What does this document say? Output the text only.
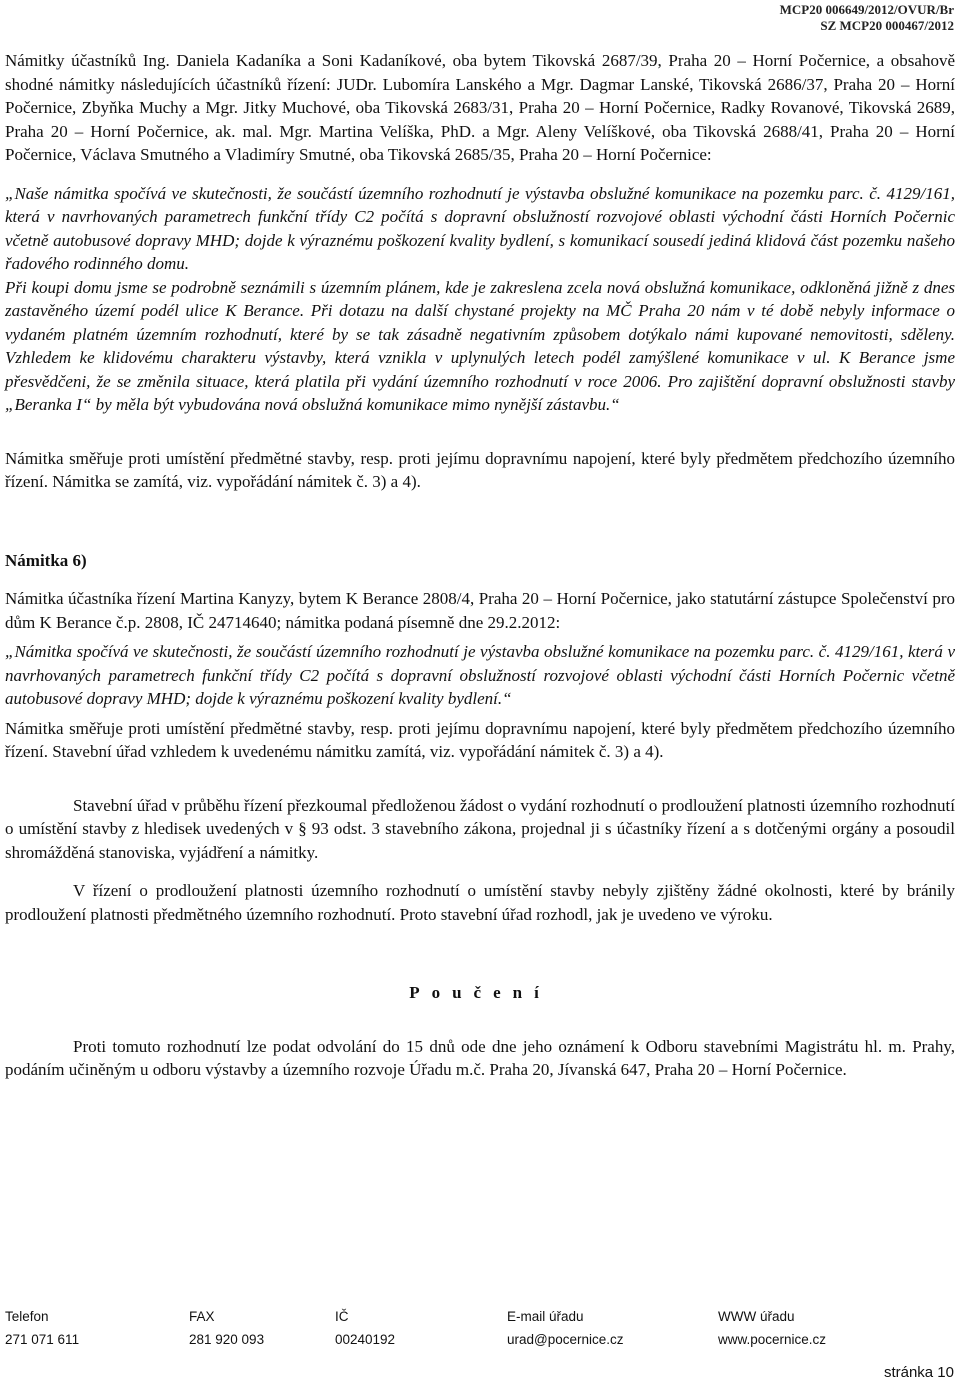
MCP20 006649/2012/OVUR/Br
SZ MCP20 000467/2012

Námitky účastníků Ing. Daniela Kadaníka a Soni Kadaníkové, oba bytem Tikovská 2687/39, Praha 20 – Horní Počernice, a obsahově shodné námitky následujících účastníků řízení: JUDr. Lubomíra Lanského a Mgr. Dagmar Lanské, Tikovská 2686/37, Praha 20 – Horní Počernice, Zbyňka Muchy a Mgr. Jitky Muchové, oba Tikovská 2683/31, Praha 20 – Horní Počernice, Radky Rovanové, Tikovská 2689, Praha 20 – Horní Počernice, ak. mal. Mgr. Martina Velíška, PhD. a Mgr. Aleny Velíškové, oba Tikovská 2688/41, Praha 20 – Horní Počernice, Václava Smutného a Vladimíry Smutné, oba Tikovská 2685/35, Praha 20 – Horní Počernice:

„Naše námitka spočívá ve skutečnosti, že součástí územního rozhodnutí je výstavba obslužné komunikace na pozemku parc. č. 4129/161, která v navrhovaných parametrech funkční třídy C2 počítá s dopravní obslužností rozvojové oblasti východní části Horních Počernic včetně autobusové dopravy MHD; dojde k výraznému poškození kvality bydlení, s komunikací sousedí jediná klidová část pozemku našeho řadového rodinného domu.

Při koupi domu jsme se podrobně seznámili s územním plánem, kde je zakreslena zcela nová obslužná komunikace, odkloněná jižně z dnes zastavěného území podél ulice K Berance. Při dotazu na další chystané projekty na MČ Praha 20 nám v té době nebyly informace o vydaném platném územním rozhodnutí, které by se tak zásadně negativním způsobem dotýkalo námi kupované nemovitosti, sděleny. Vzhledem ke klidovému charakteru výstavby, která vznikla v uplynulých letech podél zamýšlené komunikace v ul. K Berance jsme přesvědčeni, že se změnila situace, která platila při vydání územního rozhodnutí v roce 2006. Pro zajištění dopravní obslužnosti stavby „Beranka I“ by měla být vybudována nová obslužná komunikace mimo nynější zástavbu.“

Námitka směřuje proti umístění předmětné stavby, resp. proti jejímu dopravnímu napojení, které byly předmětem předchozího územního řízení. Námitka se zamítá, viz. vypořádání námitek č. 3) a 4).

Námitka 6)

Námitka účastníka řízení Martina Kanyzy, bytem K Berance 2808/4, Praha 20 – Horní Počernice, jako statutární zástupce Společenství pro dům K Berance č.p. 2808, IČ 24714640; námitka podaná písemně dne 29.2.2012:

„Námitka spočívá ve skutečnosti, že součástí územního rozhodnutí je výstavba obslužné komunikace na pozemku parc. č. 4129/161, která v navrhovaných parametrech funkční třídy C2 počítá s dopravní obslužností rozvojové oblasti východní části Horních Počernic včetně autobusové dopravy MHD; dojde k výraznému poškození kvality bydlení.“

Námitka směřuje proti umístění předmětné stavby, resp. proti jejímu dopravnímu napojení, které byly předmětem předchozího územního řízení. Stavební úřad vzhledem k uvedenému námitku zamítá, viz. vypořádání námitek č. 3) a 4).

Stavební úřad v průběhu řízení přezkoumal předloženou žádost o vydání rozhodnutí o prodloužení platnosti územního rozhodnutí o umístění stavby z hledisek uvedených v § 93 odst. 3 stavebního zákona, projednal ji s účastníky řízení a s dotčenými orgány a posoudil shromážděná stanoviska, vyjádření a námitky.

V řízení o prodloužení platnosti územního rozhodnutí o umístění stavby nebyly zjištěny žádné okolnosti, které by bránily prodloužení platnosti předmětného územního rozhodnutí. Proto stavební úřad rozhodl, jak je uvedeno ve výroku.

Poučení

Proti tomuto rozhodnutí lze podat odvolání do 15 dnů ode dne jeho oznámení k Odboru stavebními Magistrátu hl. m. Prahy, podáním učiněným u odboru výstavby a územního rozvoje Úřadu m.č. Praha 20, Jívanská 647, Praha 20 – Horní Počernice.

Telefon
271 071 611
FAX
281 920 093
IČ
00240192
E-mail úřadu
urad@pocernice.cz
WWW úřadu
www.pocernice.cz
stránka 10
